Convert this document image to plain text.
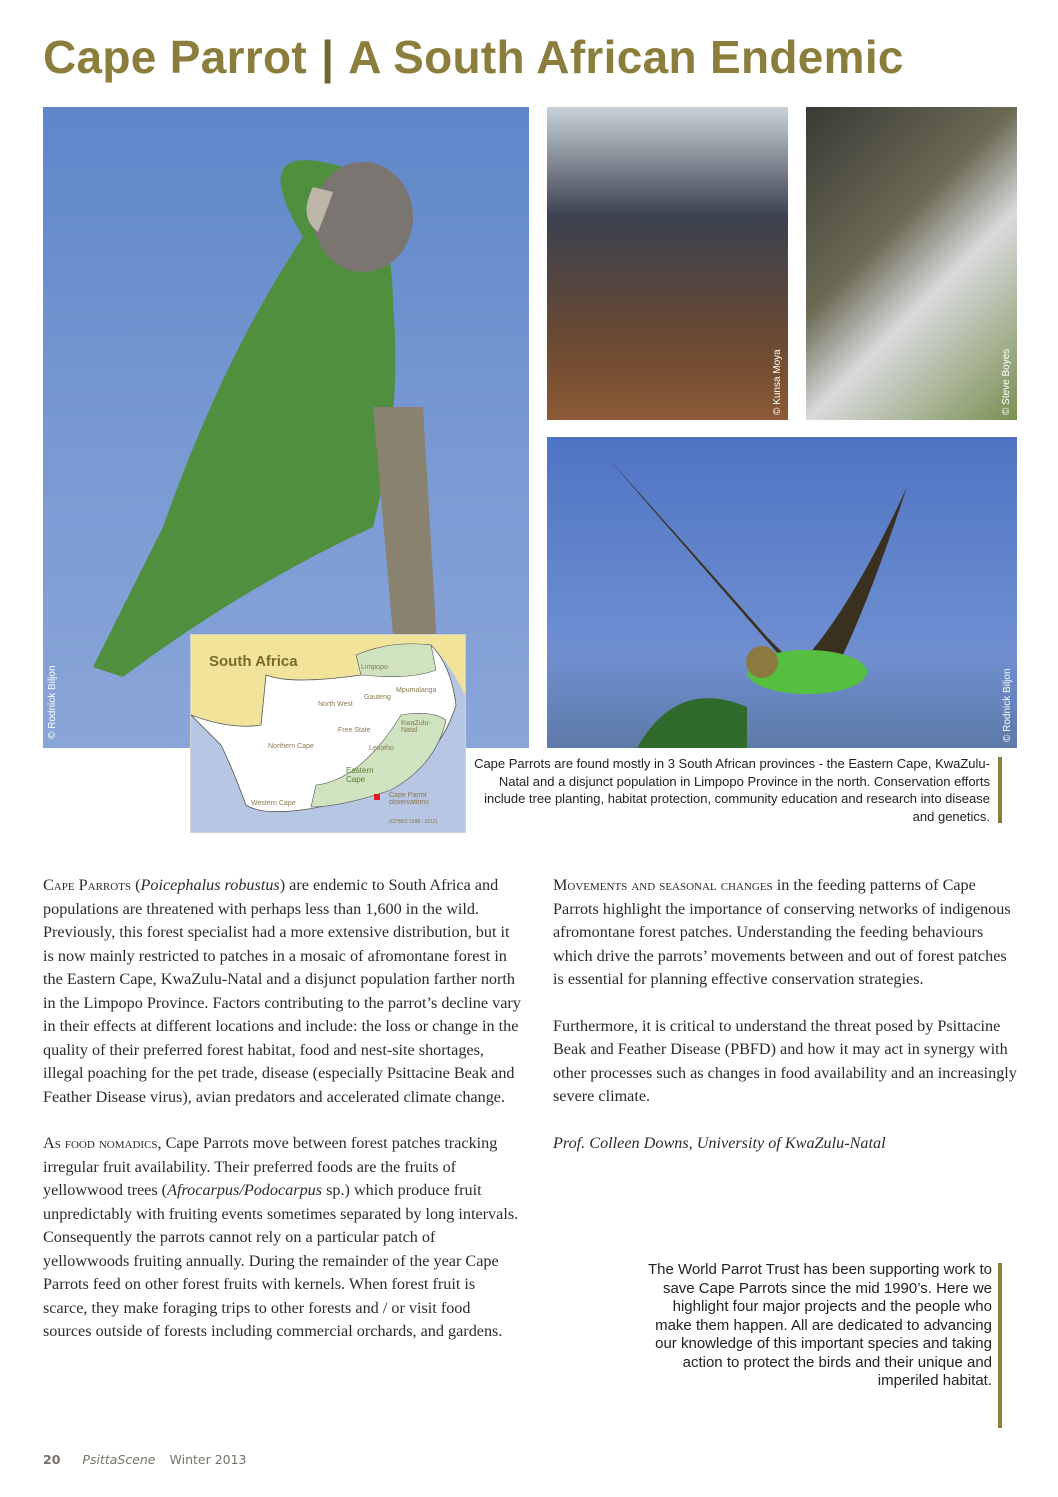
Cape Parrot | A South African Endemic
© Rodnick Biljon
© Kunsa Moya	© Steve Boyes
© Rodnick Biljon
South Africa	Limpopo
Mpumalanga
North West
Gauteng
Free State
KwaZulu-Natal
Lesotho
Northern Cape
Eastern Cape
Western Cape
Cape Parrot observations
(CPBBS 1998 - 2012)
Cape Parrots are found mostly in 3 South African provinces - the Eastern Cape, KwaZulu-Natal and a disjunct population in Limpopo Province in the north. Conservation efforts include tree planting, habitat protection, community education and research into disease and genetics.

Cape Parrots (Poicephalus robustus) are endemic to South Africa and populations are threatened with perhaps less than 1,600 in the wild. Previously, this forest specialist had a more extensive distribution, but it is now mainly restricted to patches in a mosaic of afromontane forest in the Eastern Cape, KwaZulu-Natal and a disjunct population farther north in the Limpopo Province. Factors contributing to the parrot’s decline vary in their effects at different locations and include: the loss or change in the quality of their preferred forest habitat, food and nest-site shortages, illegal poaching for the pet trade, disease (especially Psittacine Beak and Feather Disease virus), avian predators and accelerated climate change.

As food nomadics, Cape Parrots move between forest patches tracking irregular fruit availability. Their preferred foods are the fruits of yellowwood trees (Afrocarpus/Podocarpus sp.) which produce fruit unpredictably with fruiting events sometimes separated by long intervals. Consequently the parrots cannot rely on a particular patch of yellowwoods fruiting annually. During the remainder of the year Cape Parrots feed on other forest fruits with kernels. When forest fruit is scarce, they make foraging trips to other forests and / or visit food sources outside of forests including commercial orchards, and gardens.

Movements and seasonal changes in the feeding patterns of Cape Parrots highlight the importance of conserving networks of indigenous afromontane forest patches. Understanding the feeding behaviours which drive the parrots’ movements between and out of forest patches is essential for planning effective conservation strategies.

Furthermore, it is critical to understand the threat posed by Psittacine Beak and Feather Disease (PBFD) and how it may act in synergy with other processes such as changes in food availability and an increasingly severe climate.

Prof. Colleen Downs, University of KwaZulu-Natal

The World Parrot Trust has been supporting work to save Cape Parrots since the mid 1990’s. Here we highlight four major projects and the people who make them happen. All are dedicated to advancing our knowledge of this important species and taking action to protect the birds and their unique and imperiled habitat.
20 PsittaScene Winter 2013
